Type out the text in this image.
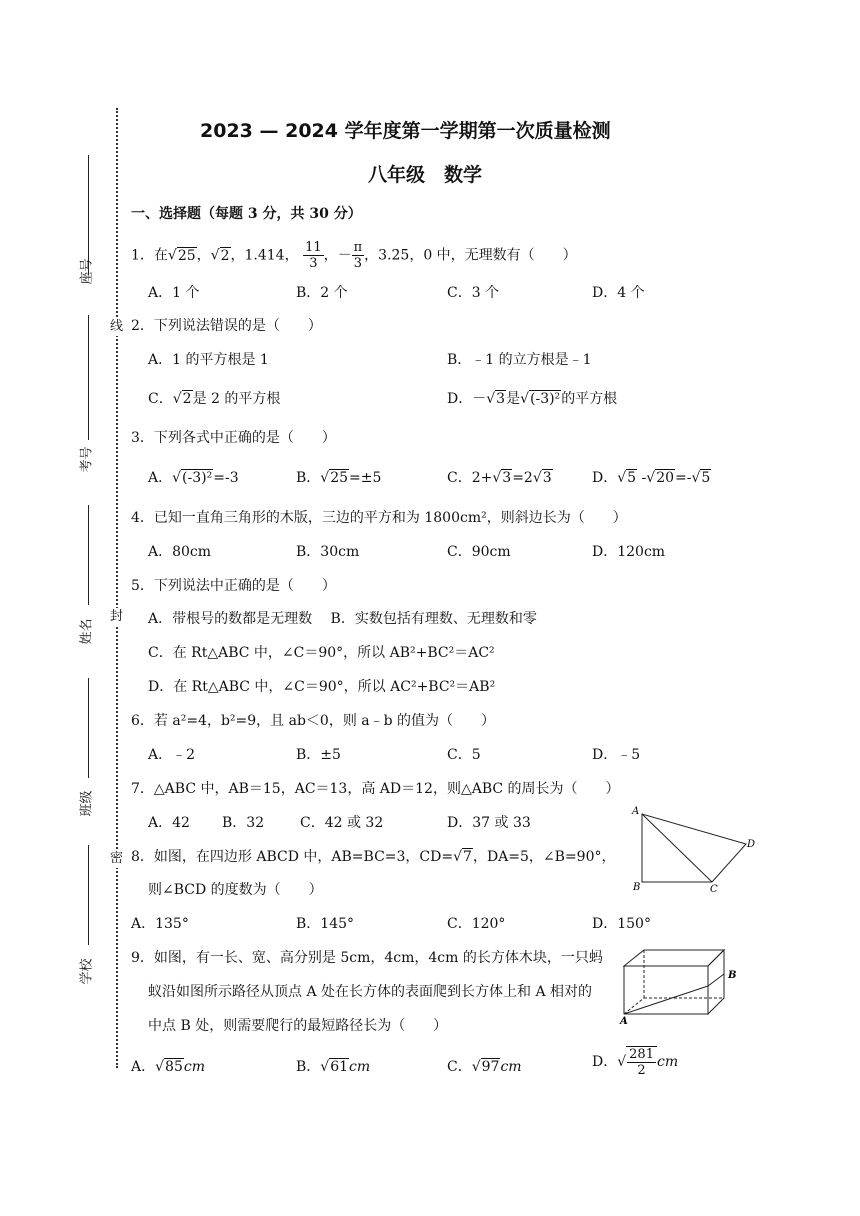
座号
考号
姓名
班级
学校
线
封
密
2023 — 2024 学年度第一学期第一次质量检测
八年级　数学
一、选择题（每题 3 分，共 30 分）
1．在√25，√2，1.414， $\frac{11}{3}$ ，－ $\frac{\pi}{3}$ ，3.2̇5̇，0 中，无理数有（　　）
A．1 个	B．2 个	C．3 个	D．4 个
2．下列说法错误的是（　　）
A．1 的平方根是 1	B．﹣1 的立方根是﹣1
C．√2是 2 的平方根	D．－√3是√(-3)²的平方根
3．下列各式中正确的是（　　）
A．√(-3)²=-3	B．√25=±5	C．2+√3=2√3	D．√5 -√20=-√5
4．已知一直角三角形的木版，三边的平方和为 1800cm²，则斜边长为（　　）
A．80cm	B．30cm	C．90cm	D．120cm
5．下列说法中正确的是（　　）
A．带根号的数都是无理数　 B．实数包括有理数、无理数和零
C．在 Rt△ABC 中，∠C＝90°，所以 AB²+BC²＝AC²
D．在 Rt△ABC 中，∠C＝90°，所以 AC²+BC²＝AB²
6．若 a²=4，b²=9，且 ab＜0，则 a﹣b 的值为（　　）
A．﹣2	B．±5	C．5	D．﹣5
7．△ABC 中，AB＝15，AC＝13，高 AD＝12，则△ABC 的周长为（　　）
A．42 B．32	C．42 或 32	D．37 或 33
A
B	C
D
8．如图，在四边形 ABCD 中，AB=BC=3，CD=√7，DA=5，∠B=90°，
则∠BCD 的度数为（　　）
A．135°	B．145°	C．120°	D．150°
A
B
9．如图，有一长、宽、高分别是 5cm，4cm，4cm 的长方体木块，一只蚂
蚁沿如图所示路径从顶点 A 处在长方体的表面爬到长方体上和 A 相对的
中点 B 处，则需要爬行的最短路径长为（　　）
A．√85cm	B．√61cm	C．√97cm	D．√ $\frac{281}{2}$ cm
